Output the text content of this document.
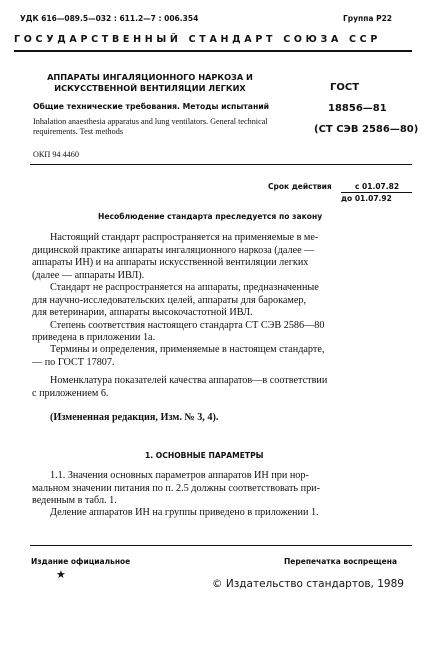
УДК 616—089.5—032 : 611.2—7 : 006.354	Группа Р22
ГОСУДАРСТВЕННЫЙ СТАНДАРТ СОЮЗА ССР
АППАРАТЫ ИНГАЛЯЦИОННОГО НАРКОЗА И ИСКУССТВЕННОЙ ВЕНТИЛЯЦИИ ЛЕГКИХ	ГОСТ
Общие технические требования. Методы испытаний	18856—81
Inhalation anaesthesia apparatus and lung ventilators. General technical requirements. Test methods	(СТ СЭВ 2586—80)
ОКП 94 4460
Срок действия	с 01.07.82
до 01.07.92
Несоблюдение стандарта преследуется по закону
Настоящий стандарт распространяется на применяемые в ме-
дицинской практике аппараты ингаляционного наркоза (далее —
аппараты ИН) и на аппараты искусственной вентиляции легких
(далее — аппараты ИВЛ).
Стандарт не распространяется на аппараты, предназначенные
для научно-исследовательских целей, аппараты для барокамер,
для ветеринарии, аппараты высокочастотной ИВЛ.
Степень соответствия настоящего стандарта СТ СЭВ 2586—80
приведена в приложении 1а.
Термины и определения, применяемые в настоящем стандарте,
— по ГОСТ 17807.
Номенклатура показателей качества аппаратов—в соответствии
с приложением 6.
(Измененная редакция, Изм. № 3, 4).
1. ОСНОВНЫЕ ПАРАМЕТРЫ
1.1. Значения основных параметров аппаратов ИН при нор-
мальном значении питания по п. 2.5 должны соответствовать при-
веденным в табл. 1.
Деление аппаратов ИН на группы приведено в приложении 1.
Издание официальное
★
Перепечатка воспрещена
© Издательство стандартов, 1989
